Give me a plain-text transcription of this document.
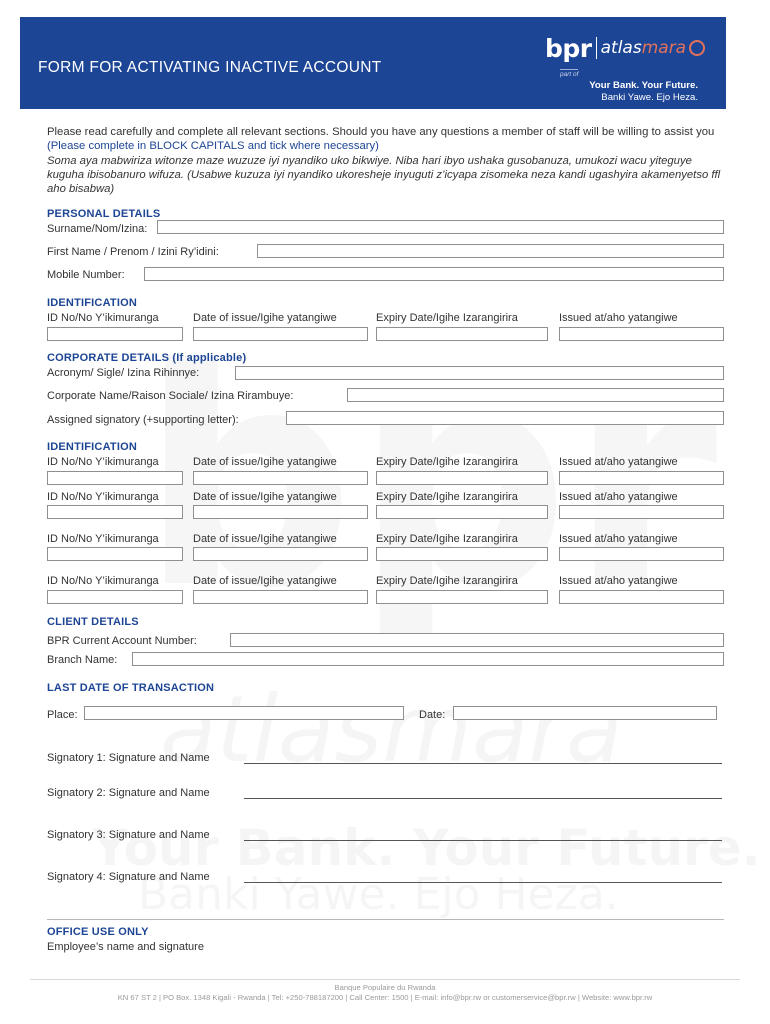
FORM FOR ACTIVATING INACTIVE ACCOUNT
bpr atlasmara
part of
Your Bank. Your Future.
Banki Yawe. Ejo Heza.
Please read carefully and complete all relevant sections. Should you have any questions a member of staff will be willing to assist you (Please complete in BLOCK CAPITALS and tick where necessary)
Soma aya mabwiriza witonze maze wuzuze iyi nyandiko uko bikwiye. Niba hari ibyo ushaka gusobanuza, umukozi wacu yiteguye kuguha ibisobanuro wifuza. (Usabwe kuzuza iyi nyandiko ukoresheje inyuguti z’icyapa zisomeka neza kandi ugashyira akamenyetso ffl aho bisabwa)
PERSONAL DETAILS
Surname/Nom/Izina:
First Name / Prenom / Izini Ry’idini:
Mobile Number:
IDENTIFICATION
ID No/No Y’ikimuranga	Date of issue/Igihe yatangiwe	Expiry Date/Igihe Izarangirira	Issued at/aho yatangiwe
CORPORATE DETAILS (If applicable)
Acronym/ Sigle/ Izina Rihinnye:
Corporate Name/Raison Sociale/ Izina Rirambuye:
Assigned signatory (+supporting letter):
IDENTIFICATION
ID No/No Y’ikimuranga	Date of issue/Igihe yatangiwe	Expiry Date/Igihe Izarangirira	Issued at/aho yatangiwe
ID No/No Y’ikimuranga	Date of issue/Igihe yatangiwe	Expiry Date/Igihe Izarangirira	Issued at/aho yatangiwe
ID No/No Y’ikimuranga	Date of issue/Igihe yatangiwe	Expiry Date/Igihe Izarangirira	Issued at/aho yatangiwe
ID No/No Y’ikimuranga	Date of issue/Igihe yatangiwe	Expiry Date/Igihe Izarangirira	Issued at/aho yatangiwe
CLIENT DETAILS
BPR Current Account Number:
Branch Name:
LAST DATE OF TRANSACTION
Place:	Date:
Signatory 1: Signature and Name
Signatory 2: Signature and Name
Signatory 3: Signature and Name
Signatory 4: Signature and Name
OFFICE USE ONLY
Employee’s name and signature
Banque Populaire du Rwanda
KN 67 ST 2 | PO Box. 1348 Kigali - Rwanda | Tel: +250-788187200 | Call Center: 1500 | E-mail: info@bpr.rw or customerservice@bpr.rw | Website: www.bpr.rw
